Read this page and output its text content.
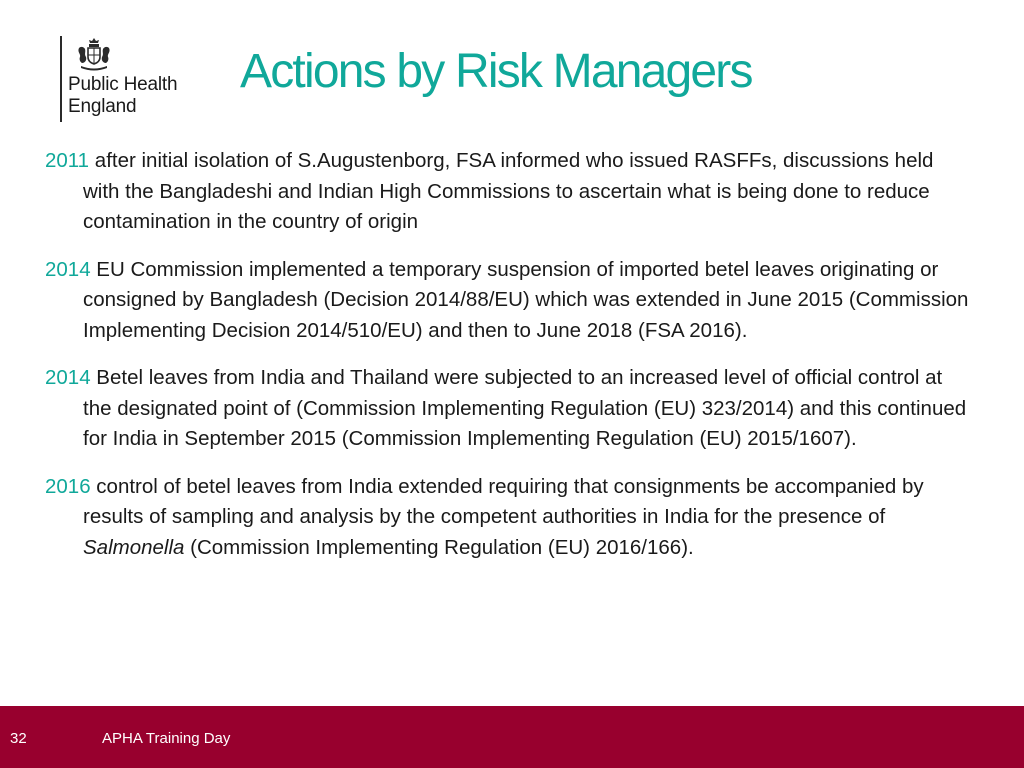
Public Health
England
Actions by Risk Managers

2011 after initial isolation of S.Augustenborg, FSA informed who issued RASFFs, discussions held with the Bangladeshi and Indian High Commissions to ascertain what is being done to reduce contamination in the country of origin

2014 EU Commission implemented a temporary suspension of imported betel leaves originating or consigned by Bangladesh (Decision 2014/88/EU) which was extended in June 2015 (Commission Implementing Decision 2014/510/EU) and then to June 2018 (FSA 2016).

2014 Betel leaves from India and Thailand were subjected to an increased level of official control at the designated point of (Commission Implementing Regulation (EU) 323/2014) and this continued for India in September 2015 (Commission Implementing Regulation (EU) 2015/1607).

2016 control of betel leaves from India extended requiring that consignments be accompanied by results of sampling and analysis by the competent authorities in India for the presence of Salmonella (Commission Implementing Regulation (EU) 2016/166).

32	APHA Training Day
